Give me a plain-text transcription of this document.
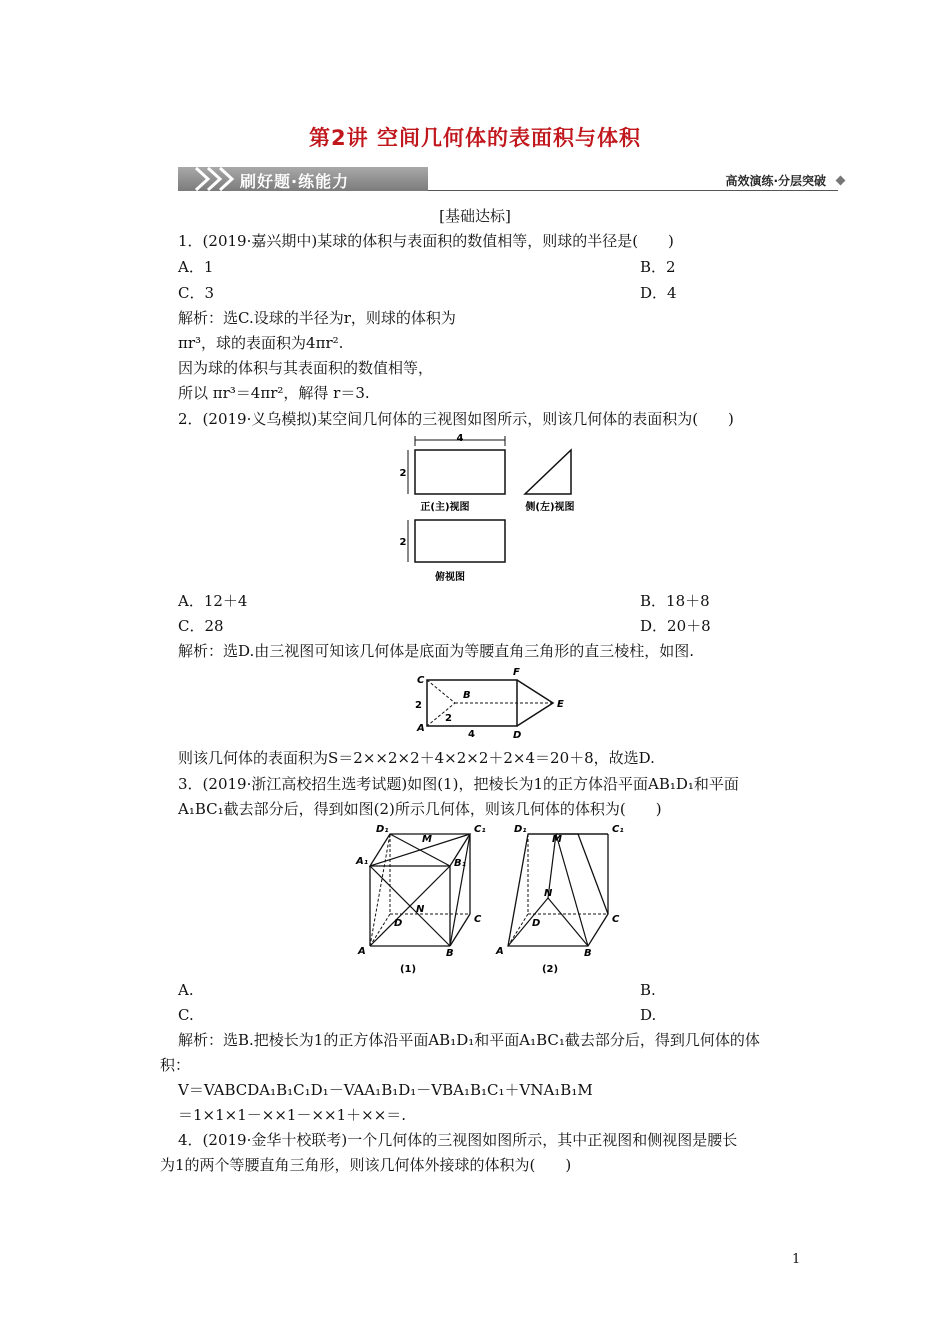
第2讲 空间几何体的表面积与体积
刷好题·练能力	高效演练·分层突破
[基础达标]
1．(2019·嘉兴期中)某球的体积与表面积的数值相等，则球的半径是(　　)
A．1	B．2
C．3	D．4
解析：选C.设球的半径为r，则球的体积为
πr³，球的表面积为4πr².
因为球的体积与其表面积的数值相等，
所以 πr³＝4πr²，解得 r＝3.
2．(2019·义乌模拟)某空间几何体的三视图如图所示，则该几何体的表面积为(　　)
4
2
正(主)视图	侧(左)视图
2
俯视图
A．12＋4	B．18＋8
C．28	D．20＋8
解析：选D.由三视图可知该几何体是底面为等腰直角三角形的直三棱柱，如图.
C
B
A
F
E
D
2
2
4
则该几何体的表面积为S＝2××2×2＋4×2×2＋2×4＝20＋8，故选D.
3．(2019·浙江高校招生选考试题)如图(1)，把棱长为1的正方体沿平面AB₁D₁和平面
A₁BC₁截去部分后，得到如图(2)所示几何体，则该几何体的体积为(　　)
D₁
M
C₁
A₁	B₁
N
D	C
A	B
(1)
D₁
M
C₁
N
D	C
A	B
(2)
A.	B.
C.	D.
解析：选B.把棱长为1的正方体沿平面AB₁D₁和平面A₁BC₁截去部分后，得到几何体的体
积：
V＝VABCDA₁B₁C₁D₁－VAA₁B₁D₁－VBA₁B₁C₁＋VNA₁B₁M
＝1×1×1－××1－××1＋××＝.
4．(2019·金华十校联考)一个几何体的三视图如图所示，其中正视图和侧视图是腰长
为1的两个等腰直角三角形，则该几何体外接球的体积为(　　)
1
